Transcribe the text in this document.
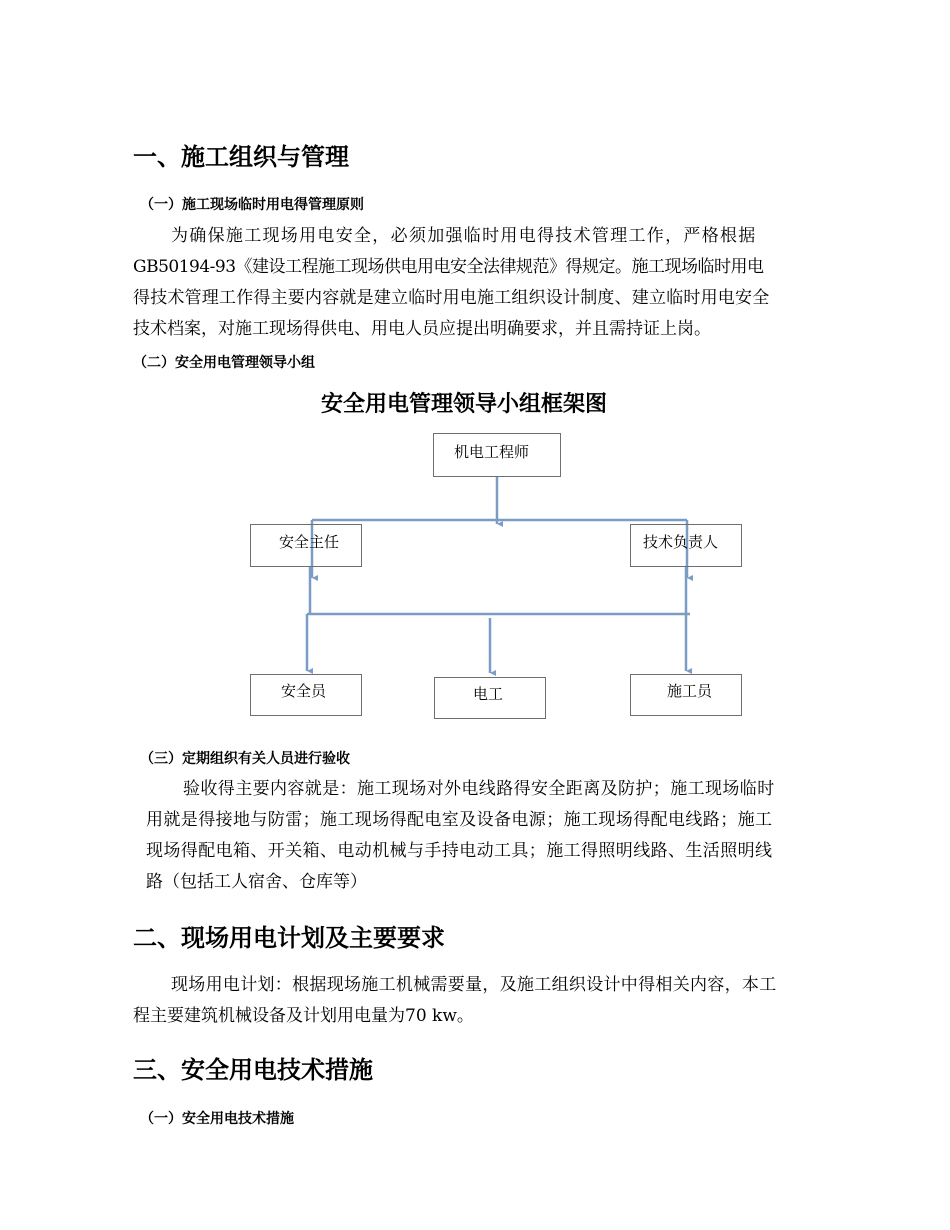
一、施工组织与管理
（一）施工现场临时用电得管理原则

为确保施工现场用电安全，必须加强临时用电得技术管理工作，严格根据

GB50194-93《建设工程施工现场供电用电安全法律规范》得规定。施工现场临时用电

得技术管理工作得主要内容就是建立临时用电施工组织设计制度、建立临时用电安全

技术档案，对施工现场得供电、用电人员应提出明确要求，并且需持证上岗。

（二）安全用电管理领导小组
安全用电管理领导小组框架图
机电工程师
安全主任	技术负责人
安全员	电工	施工员
（三）定期组织有关人员进行验收

验收得主要内容就是：施工现场对外电线路得安全距离及防护；施工现场临时

用就是得接地与防雷；施工现场得配电室及设备电源；施工现场得配电线路；施工

现场得配电箱、开关箱、电动机械与手持电动工具；施工得照明线路、生活照明线

路（包括工人宿舍、仓库等）

二、现场用电计划及主要要求

现场用电计划：根据现场施工机械需要量，及施工组织设计中得相关内容，本工

程主要建筑机械设备及计划用电量为70 kw。

三、安全用电技术措施
（一）安全用电技术措施
